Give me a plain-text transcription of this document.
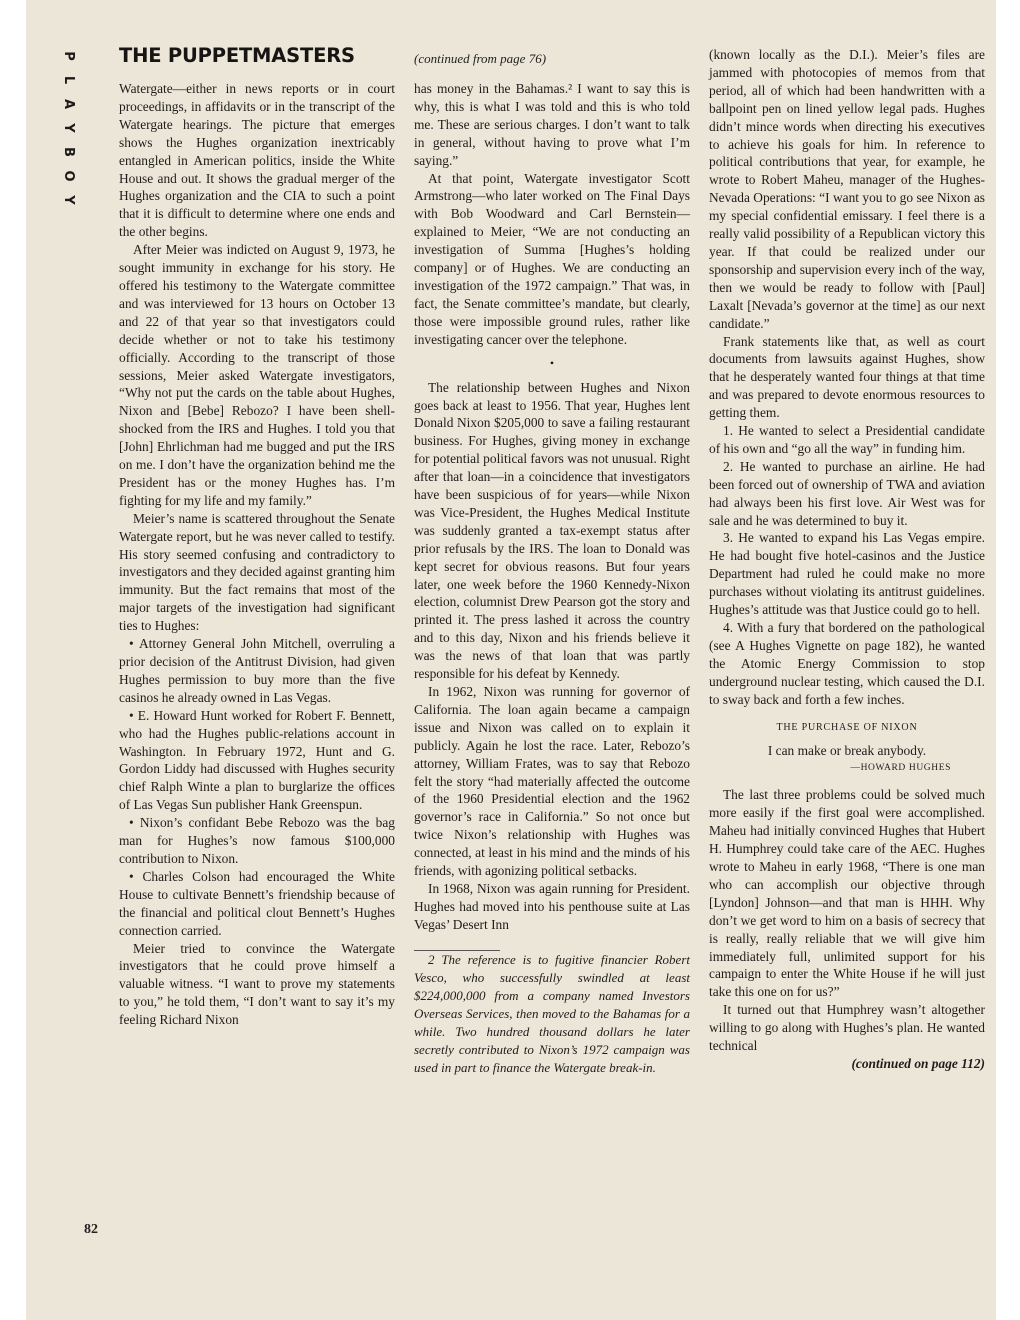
P
L
A
Y
B
O
Y
82
THE PUPPETMASTERS	(continued from page 76)

Watergate—either in news reports or in court proceedings, in affidavits or in the transcript of the Watergate hearings. The picture that emerges shows the Hughes organization inextricably entangled in American politics, inside the White House and out. It shows the gradual merger of the Hughes organization and the CIA to such a point that it is difficult to determine where one ends and the other begins.

After Meier was indicted on August 9, 1973, he sought immunity in exchange for his story. He offered his testimony to the Watergate committee and was interviewed for 13 hours on October 13 and 22 of that year so that investigators could decide whether or not to take his testimony officially. According to the transcript of those sessions, Meier asked Watergate investigators, “Why not put the cards on the table about Hughes, Nixon and [Bebe] Rebozo? I have been shell-shocked from the IRS and Hughes. I told you that [John] Ehrlichman had me bugged and put the IRS on me. I don’t have the organization behind me the President has or the money Hughes has. I’m fighting for my life and my family.”

Meier’s name is scattered throughout the Senate Watergate report, but he was never called to testify. His story seemed confusing and contradictory to investigators and they decided against granting him immunity. But the fact remains that most of the major targets of the investigation had significant ties to Hughes:

• Attorney General John Mitchell, overruling a prior decision of the Antitrust Division, had given Hughes permission to buy more than the five casinos he already owned in Las Vegas.

• E. Howard Hunt worked for Robert F. Bennett, who had the Hughes public-relations account in Washington. In February 1972, Hunt and G. Gordon Liddy had discussed with Hughes security chief Ralph Winte a plan to burglarize the offices of Las Vegas Sun publisher Hank Greenspun.

• Nixon’s confidant Bebe Rebozo was the bag man for Hughes’s now famous $100,000 contribution to Nixon.

• Charles Colson had encouraged the White House to cultivate Bennett’s friendship because of the financial and political clout Bennett’s Hughes connection carried.

Meier tried to convince the Watergate investigators that he could prove himself a valuable witness. “I want to prove my statements to you,” he told them, “I don’t want to say it’s my feeling Richard Nixon

has money in the Bahamas.² I want to say this is why, this is what I was told and this is who told me. These are serious charges. I don’t want to talk in general, without having to prove what I’m saying.”

At that point, Watergate investigator Scott Armstrong—who later worked on The Final Days with Bob Woodward and Carl Bernstein—explained to Meier, “We are not conducting an investigation of Summa [Hughes’s holding company] or of Hughes. We are conducting an investigation of the 1972 campaign.” That was, in fact, the Senate committee’s mandate, but clearly, those were impossible ground rules, rather like investigating cancer over the telephone.

•

The relationship between Hughes and Nixon goes back at least to 1956. That year, Hughes lent Donald Nixon $205,000 to save a failing restaurant business. For Hughes, giving money in exchange for potential political favors was not unusual. Right after that loan—in a coincidence that investigators have been suspicious of for years—while Nixon was Vice-President, the Hughes Medical Institute was suddenly granted a tax-exempt status after prior refusals by the IRS. The loan to Donald was kept secret for obvious reasons. But four years later, one week before the 1960 Kennedy-Nixon election, columnist Drew Pearson got the story and printed it. The press lashed it across the country and to this day, Nixon and his friends believe it was the news of that loan that was partly responsible for his defeat by Kennedy.

In 1962, Nixon was running for governor of California. The loan again became a campaign issue and Nixon was called on to explain it publicly. Again he lost the race. Later, Rebozo’s attorney, William Frates, was to say that Rebozo felt the story “had materially affected the outcome of the 1960 Presidential election and the 1962 governor’s race in California.” So not once but twice Nixon’s relationship with Hughes was connected, at least in his mind and the minds of his friends, with agonizing political setbacks.

In 1968, Nixon was again running for President. Hughes had moved into his penthouse suite at Las Vegas’ Desert Inn

2 The reference is to fugitive financier Robert Vesco, who successfully swindled at least $224,000,000 from a company named Investors Overseas Services, then moved to the Bahamas for a while. Two hundred thousand dollars he later secretly contributed to Nixon’s 1972 campaign was used in part to finance the Watergate break-in.

(known locally as the D.I.). Meier’s files are jammed with photocopies of memos from that period, all of which had been handwritten with a ballpoint pen on lined yellow legal pads. Hughes didn’t mince words when directing his executives to achieve his goals for him. In reference to political contributions that year, for example, he wrote to Robert Maheu, manager of the Hughes-Nevada Operations: “I want you to go see Nixon as my special confidential emissary. I feel there is a really valid possibility of a Republican victory this year. If that could be realized under our sponsorship and supervision every inch of the way, then we would be ready to follow with [Paul] Laxalt [Nevada’s governor at the time] as our next candidate.”

Frank statements like that, as well as court documents from lawsuits against Hughes, show that he desperately wanted four things at that time and was prepared to devote enormous resources to getting them.

1. He wanted to select a Presidential candidate of his own and “go all the way” in funding him.

2. He wanted to purchase an airline. He had been forced out of ownership of TWA and aviation had always been his first love. Air West was for sale and he was determined to buy it.

3. He wanted to expand his Las Vegas empire. He had bought five hotel-casinos and the Justice Department had ruled he could make no more purchases without violating its antitrust guidelines. Hughes’s attitude was that Justice could go to hell.

4. With a fury that bordered on the pathological (see A Hughes Vignette on page 182), he wanted the Atomic Energy Commission to stop underground nuclear testing, which caused the D.I. to sway back and forth a few inches.

THE PURCHASE OF NIXON
I can make or break anybody.
—HOWARD HUGHES

The last three problems could be solved much more easily if the first goal were accomplished. Maheu had initially convinced Hughes that Hubert H. Humphrey could take care of the AEC. Hughes wrote to Maheu in early 1968, “There is one man who can accomplish our objective through [Lyndon] Johnson—and that man is HHH. Why don’t we get word to him on a basis of secrecy that is really, really reliable that we will give him immediately full, unlimited support for his campaign to enter the White House if he will just take this one on for us?”

It turned out that Humphrey wasn’t altogether willing to go along with Hughes’s plan. He wanted technical

(continued on page 112)
